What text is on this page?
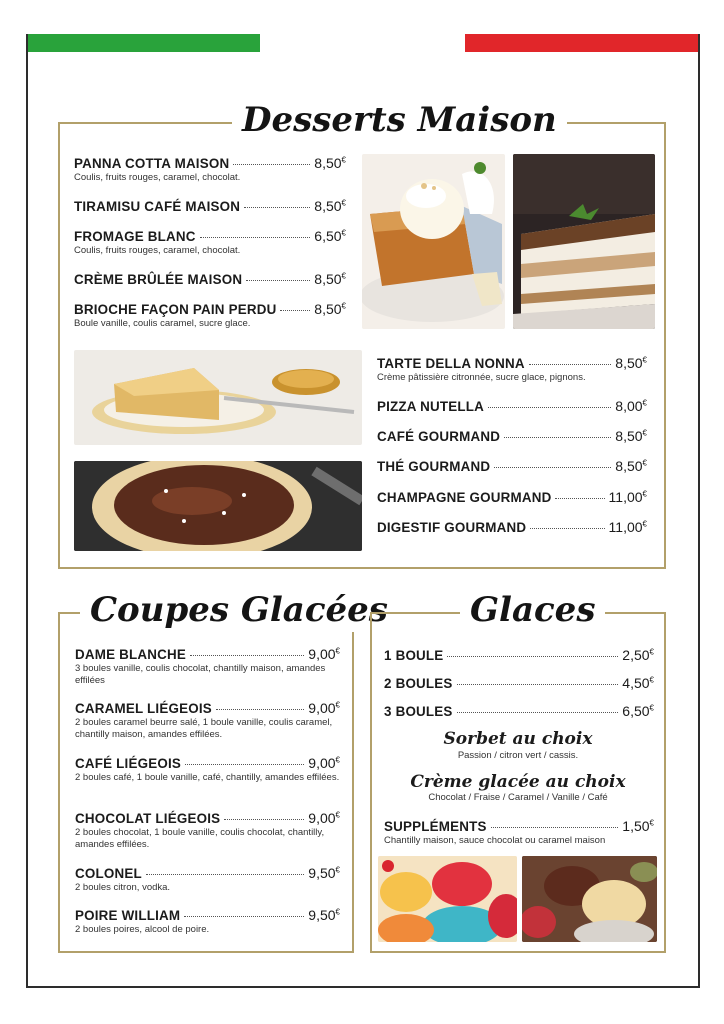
Desserts Maison
PANNA COTTA MAISON	8,50€
Coulis, fruits rouges, caramel, chocolat.
TIRAMISU CAFÉ MAISON	8,50€
FROMAGE BLANC	6,50€
Coulis, fruits rouges, caramel, chocolat.
CRÈME BRÛLÉE MAISON	8,50€
BRIOCHE FAÇON PAIN PERDU	8,50€
Boule vanille, coulis caramel, sucre glace.
TARTE DELLA NONNA	8,50€
Crème pâtissière citronnée, sucre glace, pignons.
PIZZA NUTELLA	8,00€
CAFÉ GOURMAND	8,50€
THÉ GOURMAND	8,50€
CHAMPAGNE GOURMAND	11,00€
DIGESTIF GOURMAND	11,00€
Coupes Glacées
DAME BLANCHE	9,00€
3 boules vanille, coulis chocolat, chantilly maison, amandes effilées
CARAMEL LIÉGEOIS	9,00€
2 boules caramel beurre salé, 1 boule vanille, coulis caramel, chantilly maison, amandes effilées.
CAFÉ LIÉGEOIS	9,00€
2 boules café, 1 boule vanille, café, chantilly, amandes effilées.
CHOCOLAT LIÉGEOIS	9,00€
2 boules chocolat, 1 boule vanille, coulis chocolat, chantilly, amandes effilées.
COLONEL	9,50€
2 boules citron, vodka.
POIRE WILLIAM	9,50€
2 boules poires, alcool de poire.
Glaces
1 BOULE	2,50€
2 BOULES	4,50€
3 BOULES	6,50€
Sorbet au choix
Passion / citron vert / cassis.
Crème glacée au choix
Chocolat / Fraise / Caramel / Vanille / Café
SUPPLÉMENTS	1,50€
Chantilly maison, sauce chocolat ou caramel maison
